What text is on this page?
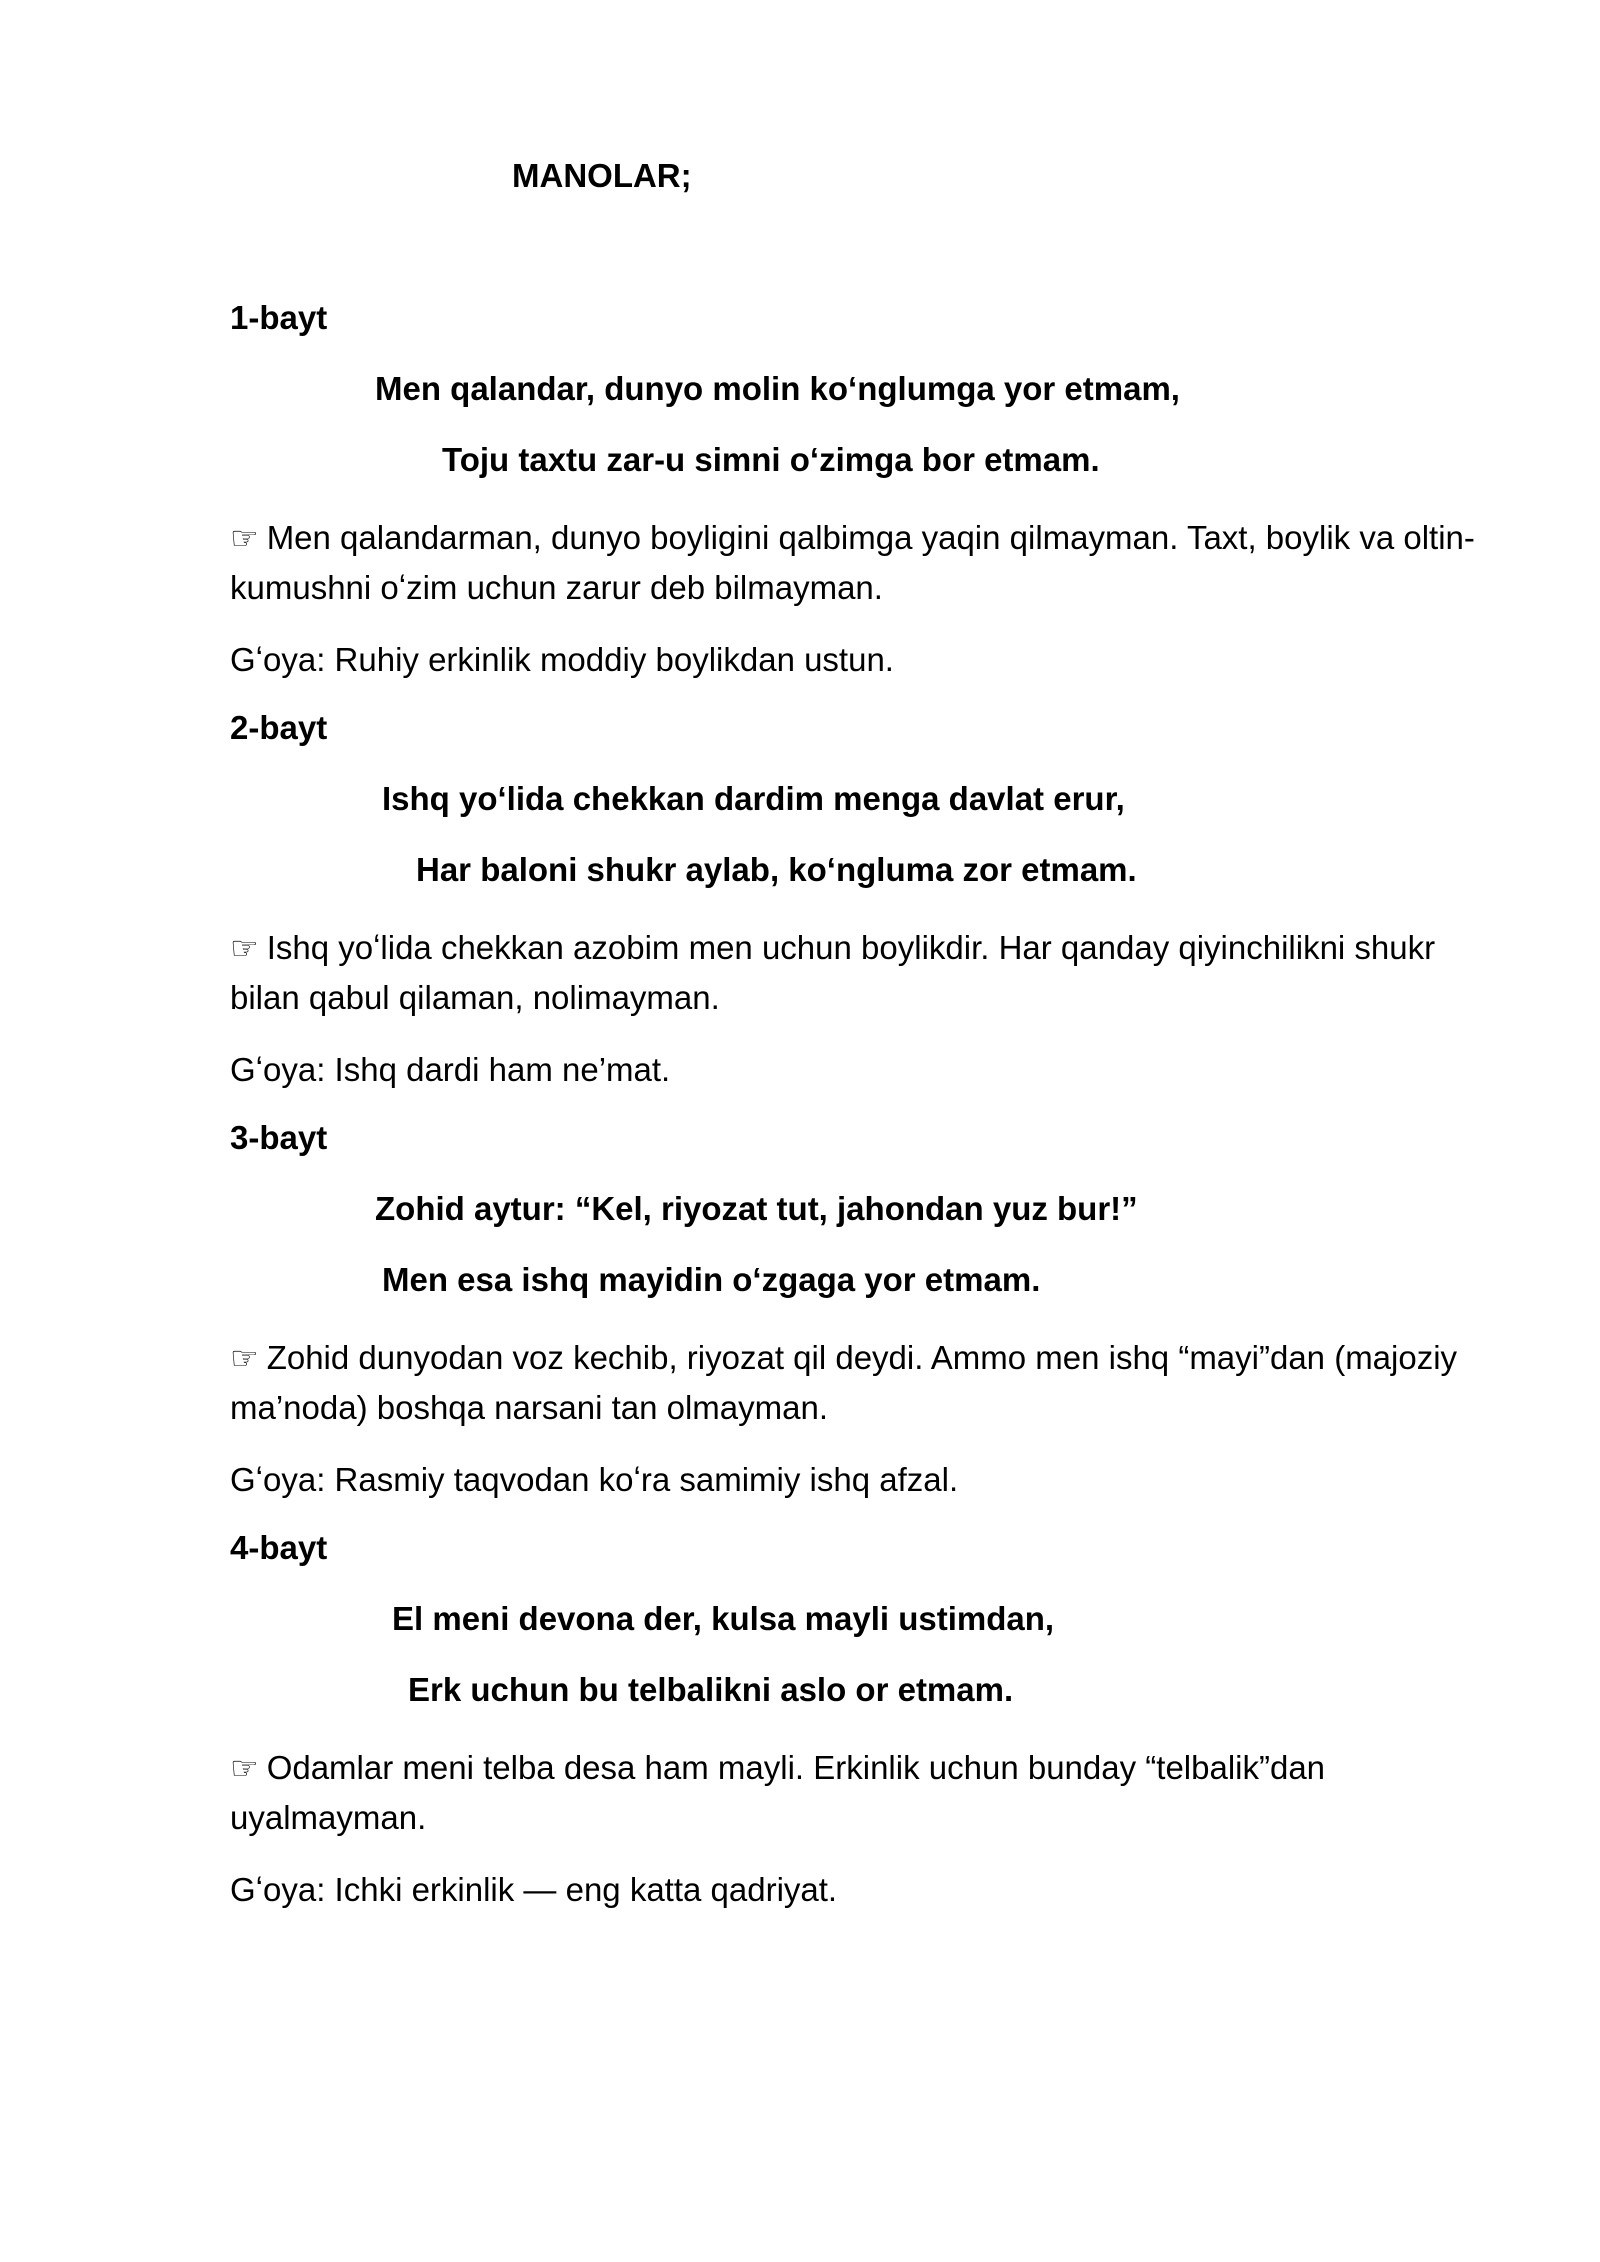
MANOLAR;
1-bayt
Men qalandar, dunyo molin koʻnglumga yor etmam,
Toju taxtu zar-u simni oʻzimga bor etmam.
☞ Men qalandarman, dunyo boyligini qalbimga yaqin qilmayman. Taxt, boylik va oltin-kumushni oʻzim uchun zarur deb bilmayman.
Gʻoya: Ruhiy erkinlik moddiy boylikdan ustun.
2-bayt
Ishq yoʻlida chekkan dardim menga davlat erur,
Har baloni shukr aylab, koʻngluma zor etmam.
☞ Ishq yoʻlida chekkan azobim men uchun boylikdir. Har qanday qiyinchilikni shukr bilan qabul qilaman, nolimayman.
Gʻoya: Ishq dardi ham ne’mat.
3-bayt
Zohid aytur: “Kel, riyozat tut, jahondan yuz bur!”
Men esa ishq mayidin oʻzgaga yor etmam.
☞ Zohid dunyodan voz kechib, riyozat qil deydi. Ammo men ishq “mayi”dan (majoziy ma’noda) boshqa narsani tan olmayman.
Gʻoya: Rasmiy taqvodan koʻra samimiy ishq afzal.
4-bayt
El meni devona der, kulsa mayli ustimdan,
Erk uchun bu telbalikni aslo or etmam.
☞ Odamlar meni telba desa ham mayli. Erkinlik uchun bunday “telbalik”dan uyalmayman.
Gʻoya: Ichki erkinlik — eng katta qadriyat.
